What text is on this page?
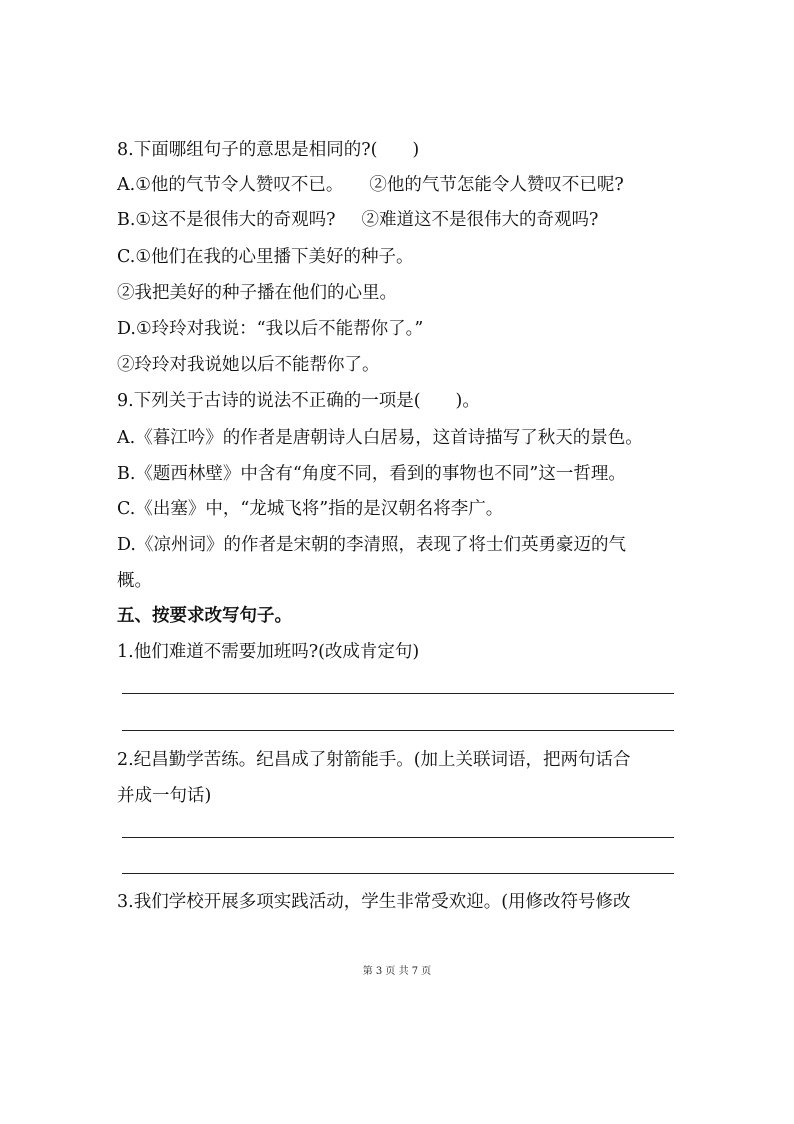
8.下面哪组句子的意思是相同的?(　　)
A.①他的气节令人赞叹不已。 ②他的气节怎能令人赞叹不已呢?
B.①这不是很伟大的奇观吗? ②难道这不是很伟大的奇观吗?
C.①他们在我的心里播下美好的种子。
②我把美好的种子播在他们的心里。
D.①玲玲对我说：“我以后不能帮你了。”
②玲玲对我说她以后不能帮你了。
9.下列关于古诗的说法不正确的一项是(　　)。
A.《暮江吟》的作者是唐朝诗人白居易，这首诗描写了秋天的景色。
B.《题西林壁》中含有“角度不同，看到的事物也不同”这一哲理。
C.《出塞》中，“龙城飞将”指的是汉朝名将李广。
D.《凉州词》的作者是宋朝的李清照，表现了将士们英勇豪迈的气
概。
五、按要求改写句子。
1.他们难道不需要加班吗?(改成肯定句)
2.纪昌勤学苦练。纪昌成了射箭能手。(加上关联词语，把两句话合
并成一句话)
3.我们学校开展多项实践活动，学生非常受欢迎。(用修改符号修改
第 3 页 共 7 页
